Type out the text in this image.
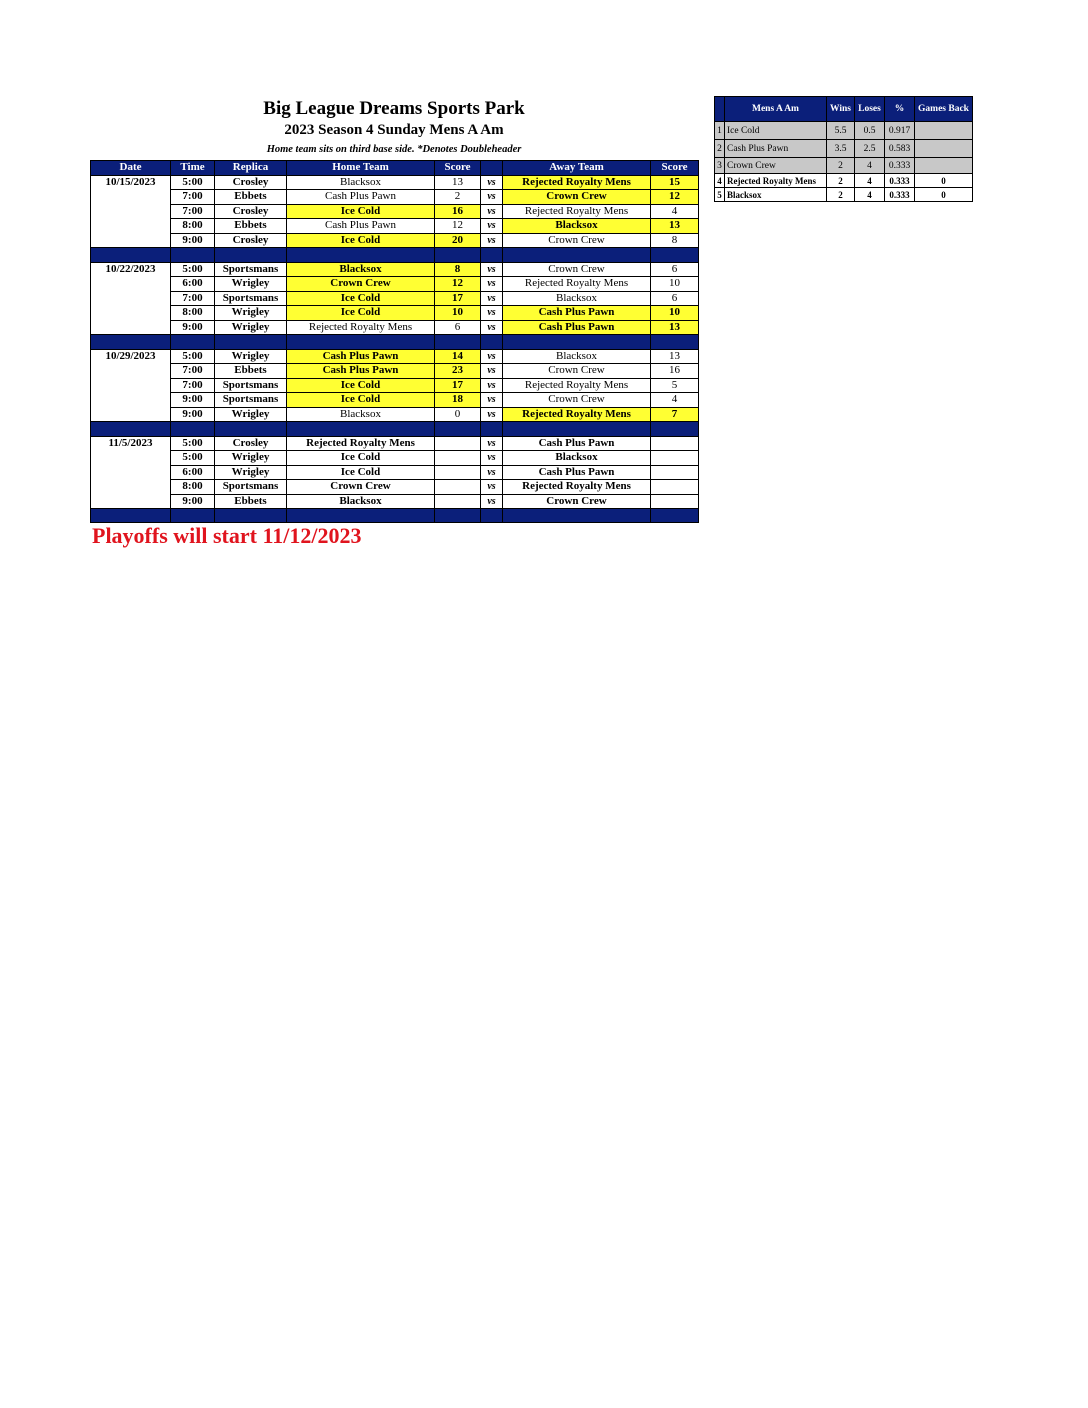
Big League Dreams Sports Park
2023 Season 4 Sunday Mens A Am
Home team sits on third base side. *Denotes Doubleheader
Date	Time	Replica	Home Team	Score		Away Team	Score
10/15/2023	5:00	Crosley	Blacksox	13	vs	Rejected Royalty Mens	15
	7:00	Ebbets	Cash Plus Pawn	2	vs	Crown Crew	12
	7:00	Crosley	Ice Cold	16	vs	Rejected Royalty Mens	4
	8:00	Ebbets	Cash Plus Pawn	12	vs	Blacksox	13
	9:00	Crosley	Ice Cold	20	vs	Crown Crew	8

10/22/2023	5:00	Sportsmans	Blacksox	8	vs	Crown Crew	6
	6:00	Wrigley	Crown Crew	12	vs	Rejected Royalty Mens	10
	7:00	Sportsmans	Ice Cold	17	vs	Blacksox	6
	8:00	Wrigley	Ice Cold	10	vs	Cash Plus Pawn	10
	9:00	Wrigley	Rejected Royalty Mens	6	vs	Cash Plus Pawn	13

10/29/2023	5:00	Wrigley	Cash Plus Pawn	14	vs	Blacksox	13
	7:00	Ebbets	Cash Plus Pawn	23	vs	Crown Crew	16
	7:00	Sportsmans	Ice Cold	17	vs	Rejected Royalty Mens	5
	9:00	Sportsmans	Ice Cold	18	vs	Crown Crew	4
	9:00	Wrigley	Blacksox	0	vs	Rejected Royalty Mens	7

11/5/2023	5:00	Crosley	Rejected Royalty Mens		vs	Cash Plus Pawn	
	5:00	Wrigley	Ice Cold		vs	Blacksox	
	6:00	Wrigley	Ice Cold		vs	Cash Plus Pawn	
	8:00	Sportsmans	Crown Crew		vs	Rejected Royalty Mens	
	9:00	Ebbets	Blacksox		vs	Crown Crew	

Playoffs will start 11/12/2023
	Mens A Am	Wins	Loses	%	Games Back
1	Ice Cold	5.5	0.5	0.917	
2	Cash Plus Pawn	3.5	2.5	0.583	
3	Crown Crew	2	4	0.333	
4	Rejected Royalty Mens	2	4	0.333	0
5	Blacksox	2	4	0.333	0
